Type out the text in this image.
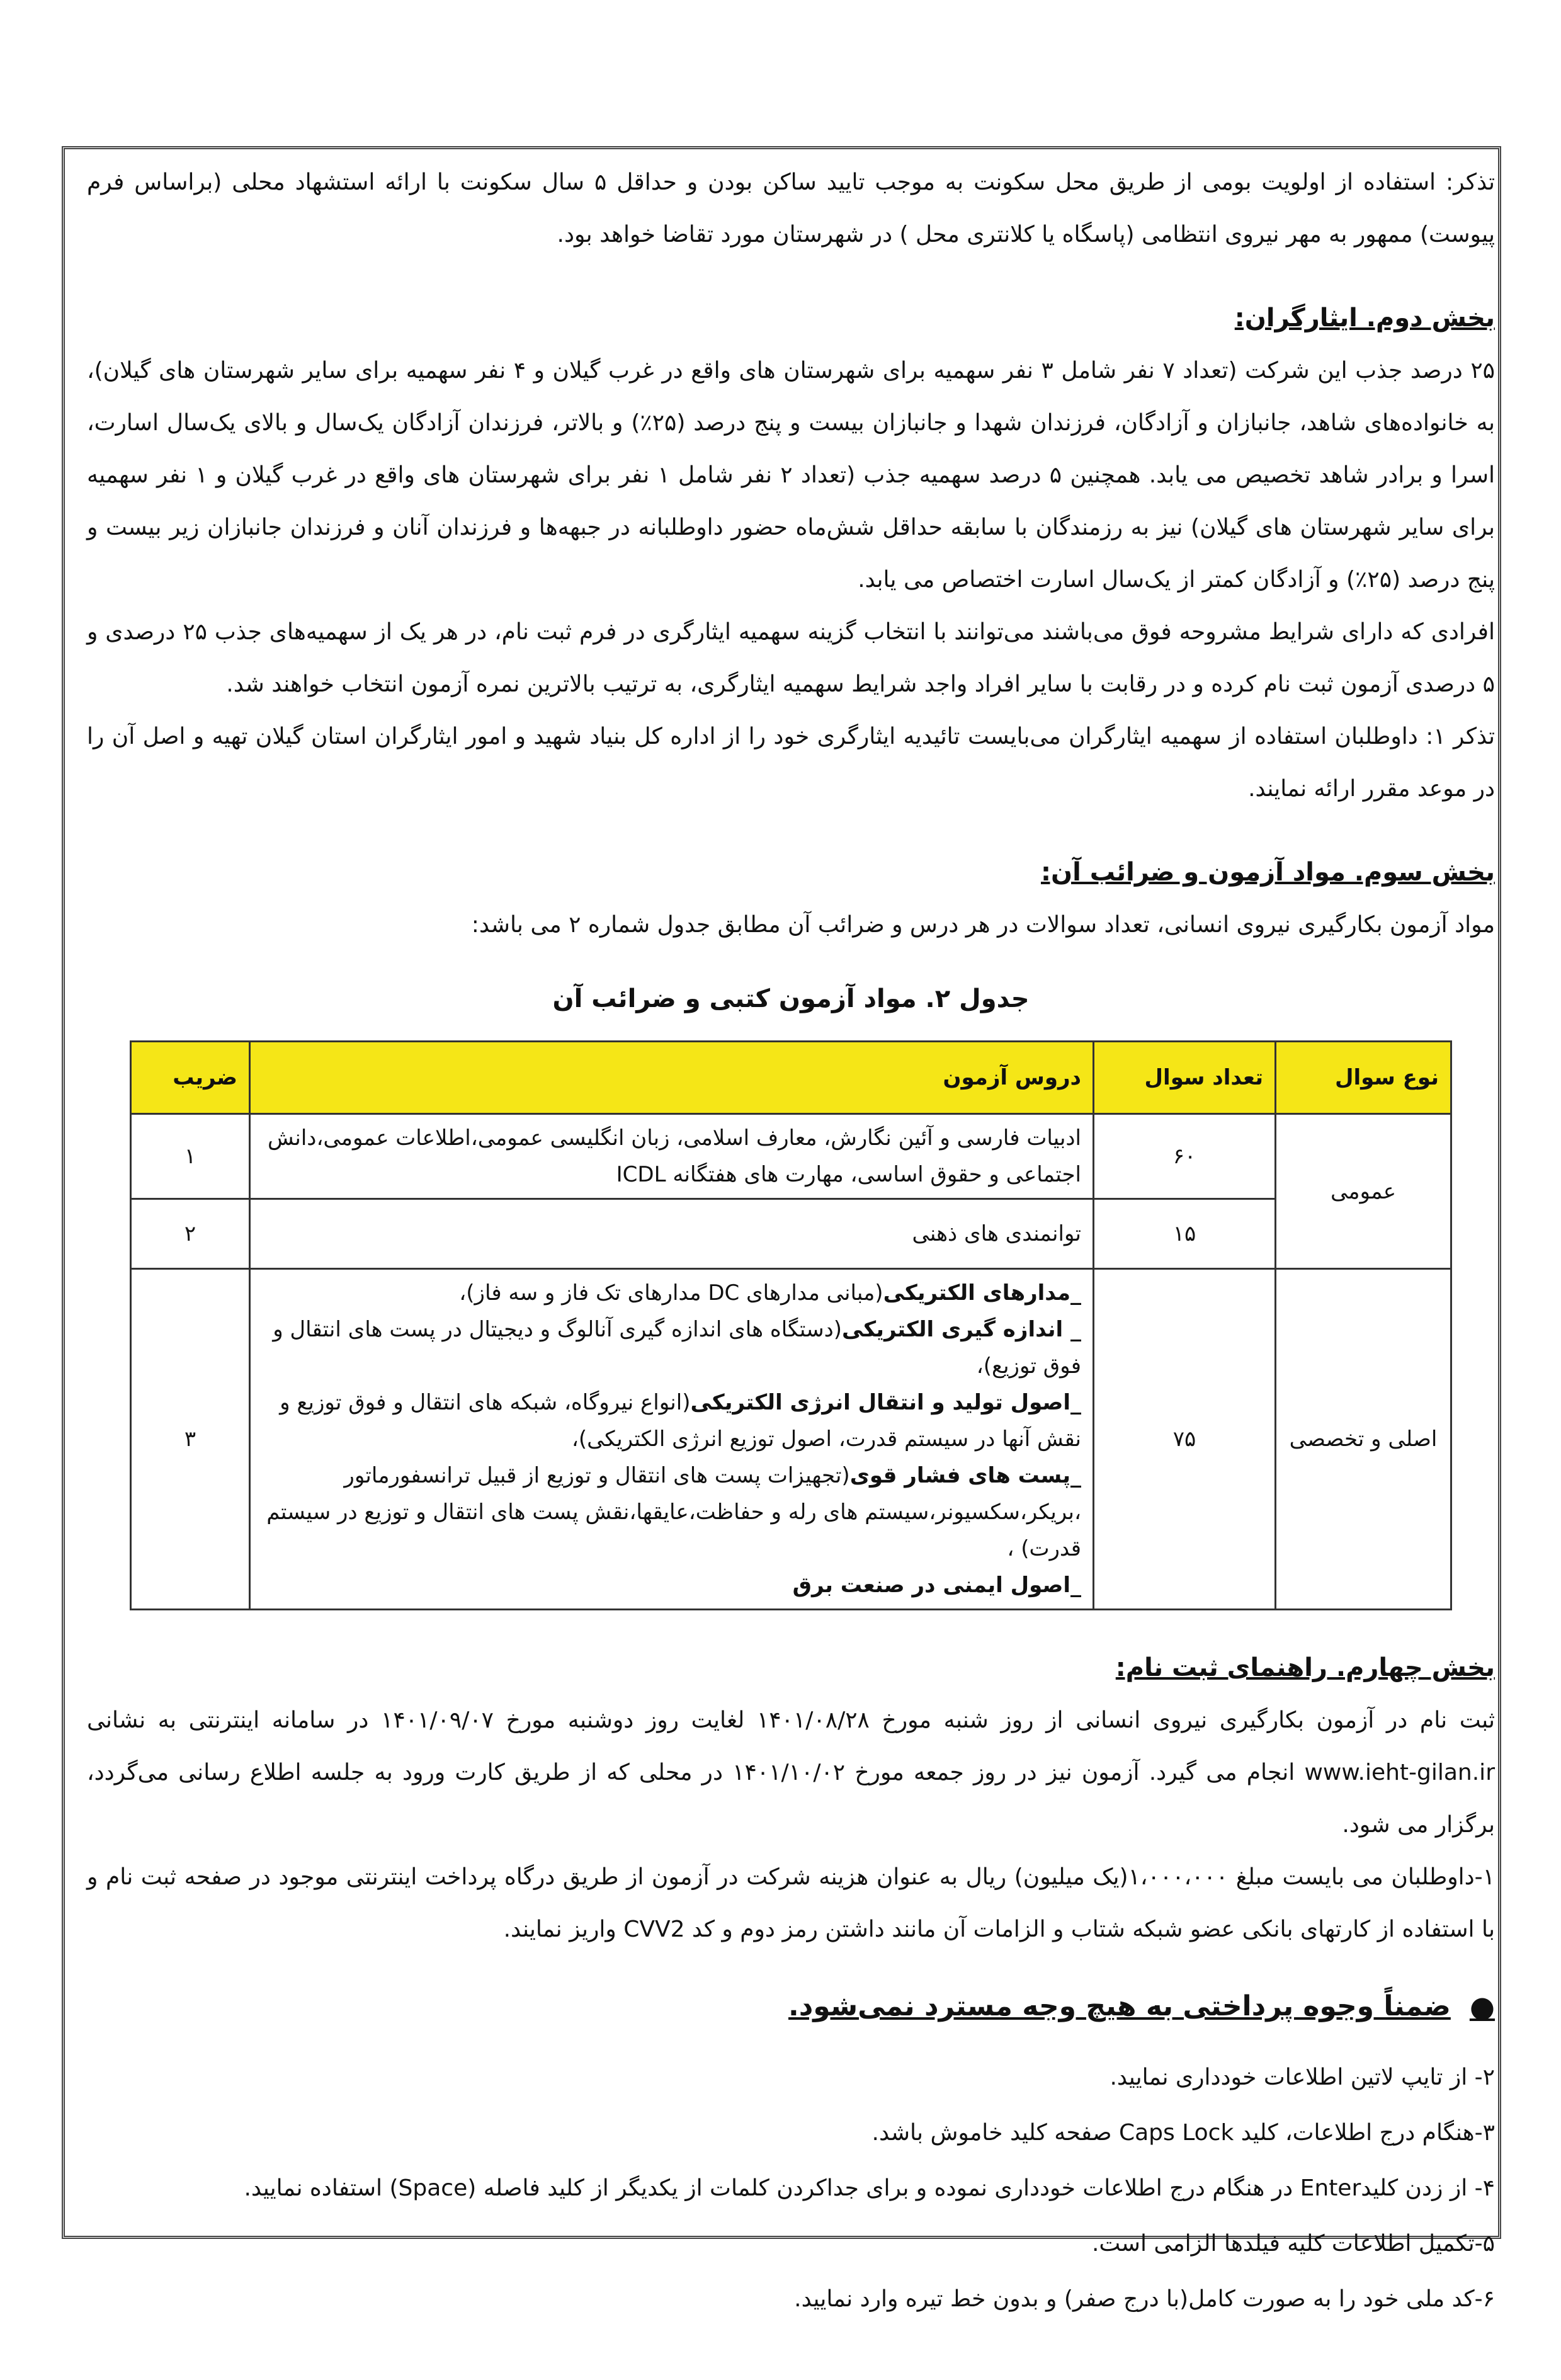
تذکر: استفاده از اولویت بومی از طریق محل سکونت به موجب تایید ساکن بودن و حداقل ۵ سال سکونت با ارائه استشهاد محلی (براساس فرم پیوست) ممهور به مهر نیروی انتظامی (پاسگاه یا کلانتری محل ) در شهرستان مورد تقاضا خواهد بود.

بخش دوم. ایثارگران:

۲۵ درصد جذب این شرکت (تعداد ۷ نفر شامل ۳ نفر سهمیه برای شهرستان های واقع در غرب گیلان و ۴ نفر سهمیه برای سایر شهرستان های گیلان)، به خانواده‌های شاهد، جانبازان و آزادگان، فرزندان شهدا و جانبازان بیست و پنج درصد (۲۵٪) و بالاتر، فرزندان آزادگان یک‌سال و بالای یک‌سال اسارت، اسرا و برادر شاهد تخصیص می یابد. همچنین ۵ درصد سهمیه جذب (تعداد ۲ نفر شامل ۱ نفر برای شهرستان های واقع در غرب گیلان و ۱ نفر سهمیه برای سایر شهرستان های گیلان) نیز به رزمندگان با سابقه حداقل شش‌ماه حضور داوطلبانه در جبهه‌ها و فرزندان آنان و فرزندان جانبازان زیر بیست و پنج درصد (۲۵٪) و آزادگان کمتر از یک‌سال اسارت اختصاص می یابد.

افرادی که دارای شرایط مشروحه فوق می‌باشند می‌توانند با انتخاب گزینه سهمیه ایثارگری در فرم ثبت نام، در هر یک از سهمیه‌های جذب ۲۵ درصدی و ۵ درصدی آزمون ثبت نام کرده و در رقابت با سایر افراد واجد شرایط سهمیه ایثارگری، به ترتیب بالاترین نمره آزمون انتخاب خواهند شد.

تذکر ۱: داوطلبان استفاده از سهمیه ایثارگران می‌بایست تائیدیه ایثارگری خود را از اداره کل بنیاد شهید و امور ایثارگران استان گیلان تهیه و اصل آن را در موعد مقرر ارائه نمایند.

بخش سوم. مواد آزمون و ضرائب آن:

مواد آزمون بکارگیری نیروی انسانی، تعداد سوالات در هر درس و ضرائب آن مطابق جدول شماره ۲ می باشد:

جدول ۲. مواد آزمون کتبی و ضرائب آن
نوع سوال	تعداد سوال	دروس آزمون	ضریب
عمومی	۶۰	ادبیات فارسی و آئین نگارش، معارف اسلامی، زبان انگلیسی عمومی،اطلاعات عمومی،دانش اجتماعی و حقوق اساسی، مهارت های هفتگانه ICDL	۱
	۱۵	توانمندی های ذهنی	۲
اصلی و تخصصی	۷۵	_مدارهای الکتریکی(مبانی مدارهای DC مدارهای تک فاز و سه فاز)،
_ اندازه گیری الکتریکی(دستگاه های اندازه گیری آنالوگ و دیجیتال در پست های انتقال و فوق توزیع)،
_اصول تولید و انتقال انرژی الکتریکی(انواع نیروگاه، شبکه های انتقال و فوق توزیع و نقش آنها در سیستم قدرت، اصول توزیع انرژی الکتریکی)،
_پست های فشار قوی(تجهیزات پست های انتقال و توزیع از قبیل ترانسفورماتور ،بریکر،سکسیونر،سیستم های رله و حفاظت،عایقها،نقش پست های انتقال و توزیع در سیستم قدرت) ،
_اصول ایمنی در صنعت برق	۳
بخش چهارم. راهنمای ثبت نام:

ثبت نام در آزمون بکارگیری نیروی انسانی از روز شنبه مورخ ۱۴۰۱/۰۸/۲۸ لغایت روز دوشنبه مورخ ۱۴۰۱/۰۹/۰۷ در سامانه اینترنتی به نشانی www.ieht-gilan.ir انجام می گیرد. آزمون نیز در روز جمعه مورخ ۱۴۰۱/۱۰/۰۲ در محلی که از طریق کارت ورود به جلسه اطلاع رسانی می‌گردد، برگزار می شود.

۱-داوطلبان می بایست مبلغ ۱،۰۰۰،۰۰۰(یک میلیون) ریال به عنوان هزینه شرکت در آزمون از طریق درگاه پرداخت اینترنتی موجود در صفحه ثبت نام و با استفاده از کارتهای بانکی عضو شبکه شتاب و الزامات آن مانند داشتن رمز دوم و کد CVV2 واریز نمایند.

●
ضمناً وجوه پرداختی به هیچ وجه مسترد نمی‌شود.

۲- از تایپ لاتین اطلاعات خودداری نمایید.

۳-هنگام درج اطلاعات، کلید Caps Lock صفحه کلید خاموش باشد.

۴- از زدن کلیدEnter در هنگام درج اطلاعات خودداری نموده و برای جداکردن کلمات از یکدیگر از کلید فاصله (Space) استفاده نمایید.

۵-تکمیل اطلاعات کلیه فیلدها الزامی است.

۶-کد ملی خود را به صورت کامل(با درج صفر) و بدون خط تیره وارد نمایید.
